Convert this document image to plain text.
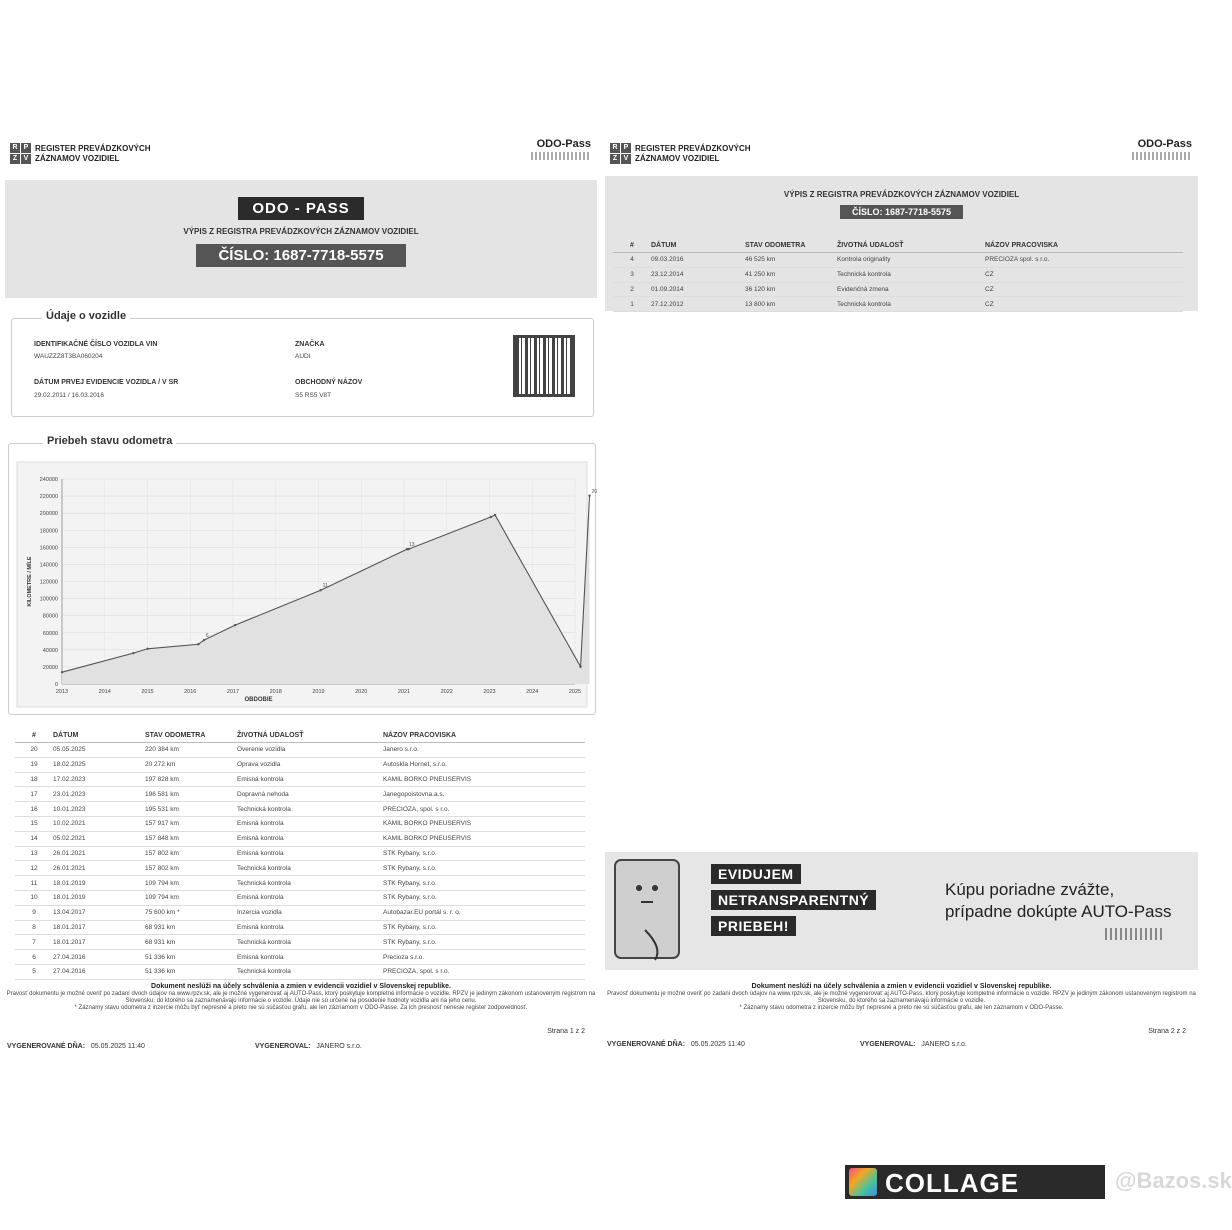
R P
Z V
REGISTER PREVÁDZKOVÝCH
ZÁZNAMOV VOZIDIEL
ODO-Pass
ODO - PASS
VÝPIS Z REGISTRA PREVÁDZKOVÝCH ZÁZNAMOV VOZIDIEL
ČÍSLO: 1687-7718-5575
Údaje o vozidle
IDENTIFIKAČNÉ ČÍSLO VOZIDLA VIN
WAUZZZ8T3BA060204
ZNAČKA
AUDI
DÁTUM PRVEJ EVIDENCIE VOZIDLA / V SR
29.02.2011 / 16.03.2016
OBCHODNÝ NÁZOV
S5 RS5 V8T
Priebeh stavu odometra
0
20000
40000
60000
80000
100000
120000
140000
160000
180000
200000
220000
240000
2013	2014	2015	2016	2017	2018	2019	2020	2021	2022	2023	2024	2025
OBDOBIE
KILOMETRE / MÍLE
6
11
13
20
#	DÁTUM	STAV ODOMETRA	ŽIVOTNÁ UDALOSŤ	NÁZOV PRACOVISKA
20	05.05.2025	220 384 km	Overenie vozidla	Janero s.r.o.
19	18.02.2025	20 272 km	Oprava vozidla	Autoskla Hornet, s.r.o.
18	17.02.2023	197 828 km	Emisná kontrola	KAMIL BORKO PNEUSERVIS
17	23.01.2023	196 581 km	Dopravná nehoda	Janegopoistovna.a.s.
16	10.01.2023	195 531 km	Technická kontrola	PRECIOZA, spol. s r.o.
15	10.02.2021	157 917 km	Emisná kontrola	KAMIL BORKO PNEUSERVIS
14	05.02.2021	157 848 km	Emisná kontrola	KAMIL BORKO PNEUSERVIS
13	26.01.2021	157 802 km	Emisná kontrola	STK Rybany, s.r.o.
12	26.01.2021	157 802 km	Technická kontrola	STK Rybany, s.r.o.
11	18.01.2019	109 794 km	Technická kontrola	STK Rybany, s.r.o.
10	18.01.2019	109 794 km	Emisná kontrola	STK Rybany, s.r.o.
9	13.04.2017	75 600 km *	Inzercia vozidla	Autobazar.EU portál s. r. o.
8	18.01.2017	68 931 km	Emisná kontrola	STK Rybany, s.r.o.
7	18.01.2017	68 931 km	Technická kontrola	STK Rybany, s.r.o.
6	27.04.2016	51 336 km	Emisná kontrola	Precioza s.r.o.
5	27.04.2016	51 336 km	Technická kontrola	PRECIOZA, spol. s r.o.
Dokument neslúži na účely schválenia a zmien v evidencii vozidiel v Slovenskej republike.
Pravosť dokumentu je možné overiť po zadaní dvoch údajov na www.rpzv.sk, ale je možné vygenerovať aj AUTO-Pass, ktorý poskytuje kompletné informácie o vozidle. RPZV je jediným zákonom ustanoveným registrom na Slovensku, do ktorého sa zaznamenávajú informácie o vozidle. Údaje nie sú určené na posúdenie hodnoty vozidla ani na jeho cenu.
* Záznamy stavu odometra z inzercie môžu byť nepresné a preto nie sú súčasťou grafu, ale len záznamom v ODO-Passe. Za ich presnosť nenesie register zodpovednosť.
Strana 1 z 2
VYGENEROVANÉ DŇA: 05.05.2025 11:40	VYGENEROVAL: JANERO s.r.o.
R P
Z V
REGISTER PREVÁDZKOVÝCH
ZÁZNAMOV VOZIDIEL
ODO-Pass
VÝPIS Z REGISTRA PREVÁDZKOVÝCH ZÁZNAMOV VOZIDIEL
ČÍSLO: 1687-7718-5575
#	DÁTUM	STAV ODOMETRA	ŽIVOTNÁ UDALOSŤ	NÁZOV PRACOVISKA
4	09.03.2016	46 525 km	Kontrola originality	PRECIOZA spol. s r.o.
3	23.12.2014	41 250 km	Technická kontrola	CZ
2	01.09.2014	36 120 km	Evidenčná zmena	CZ
1	27.12.2012	13 800 km	Technická kontrola	CZ
Dokument neslúži na účely schválenia a zmien v evidencii vozidiel v Slovenskej republike.
Pravosť dokumentu je možné overiť po zadaní dvoch údajov na www.rpzv.sk, ale je možné vygenerovať aj AUTO-Pass, ktorý poskytuje kompletné informácie o vozidle. RPZV je jediným zákonom ustanoveným registrom na Slovensku, do ktorého sa zaznamenávajú informácie o vozidle.
* Záznamy stavu odometra z inzercie môžu byť nepresné a preto nie sú súčasťou grafu, ale len záznamom v ODO-Passe.
Strana 2 z 2
VYGENEROVANÉ DŇA: 05.05.2025 11:40	VYGENEROVAL: JANERO s.r.o.
EVIDUJEM
NETRANSPARENTNÝ
PRIEBEH!
Kúpu poriadne zvážte,
prípadne dokúpte AUTO-Pass
COLLAGE MAKER
@Bazos.sk
